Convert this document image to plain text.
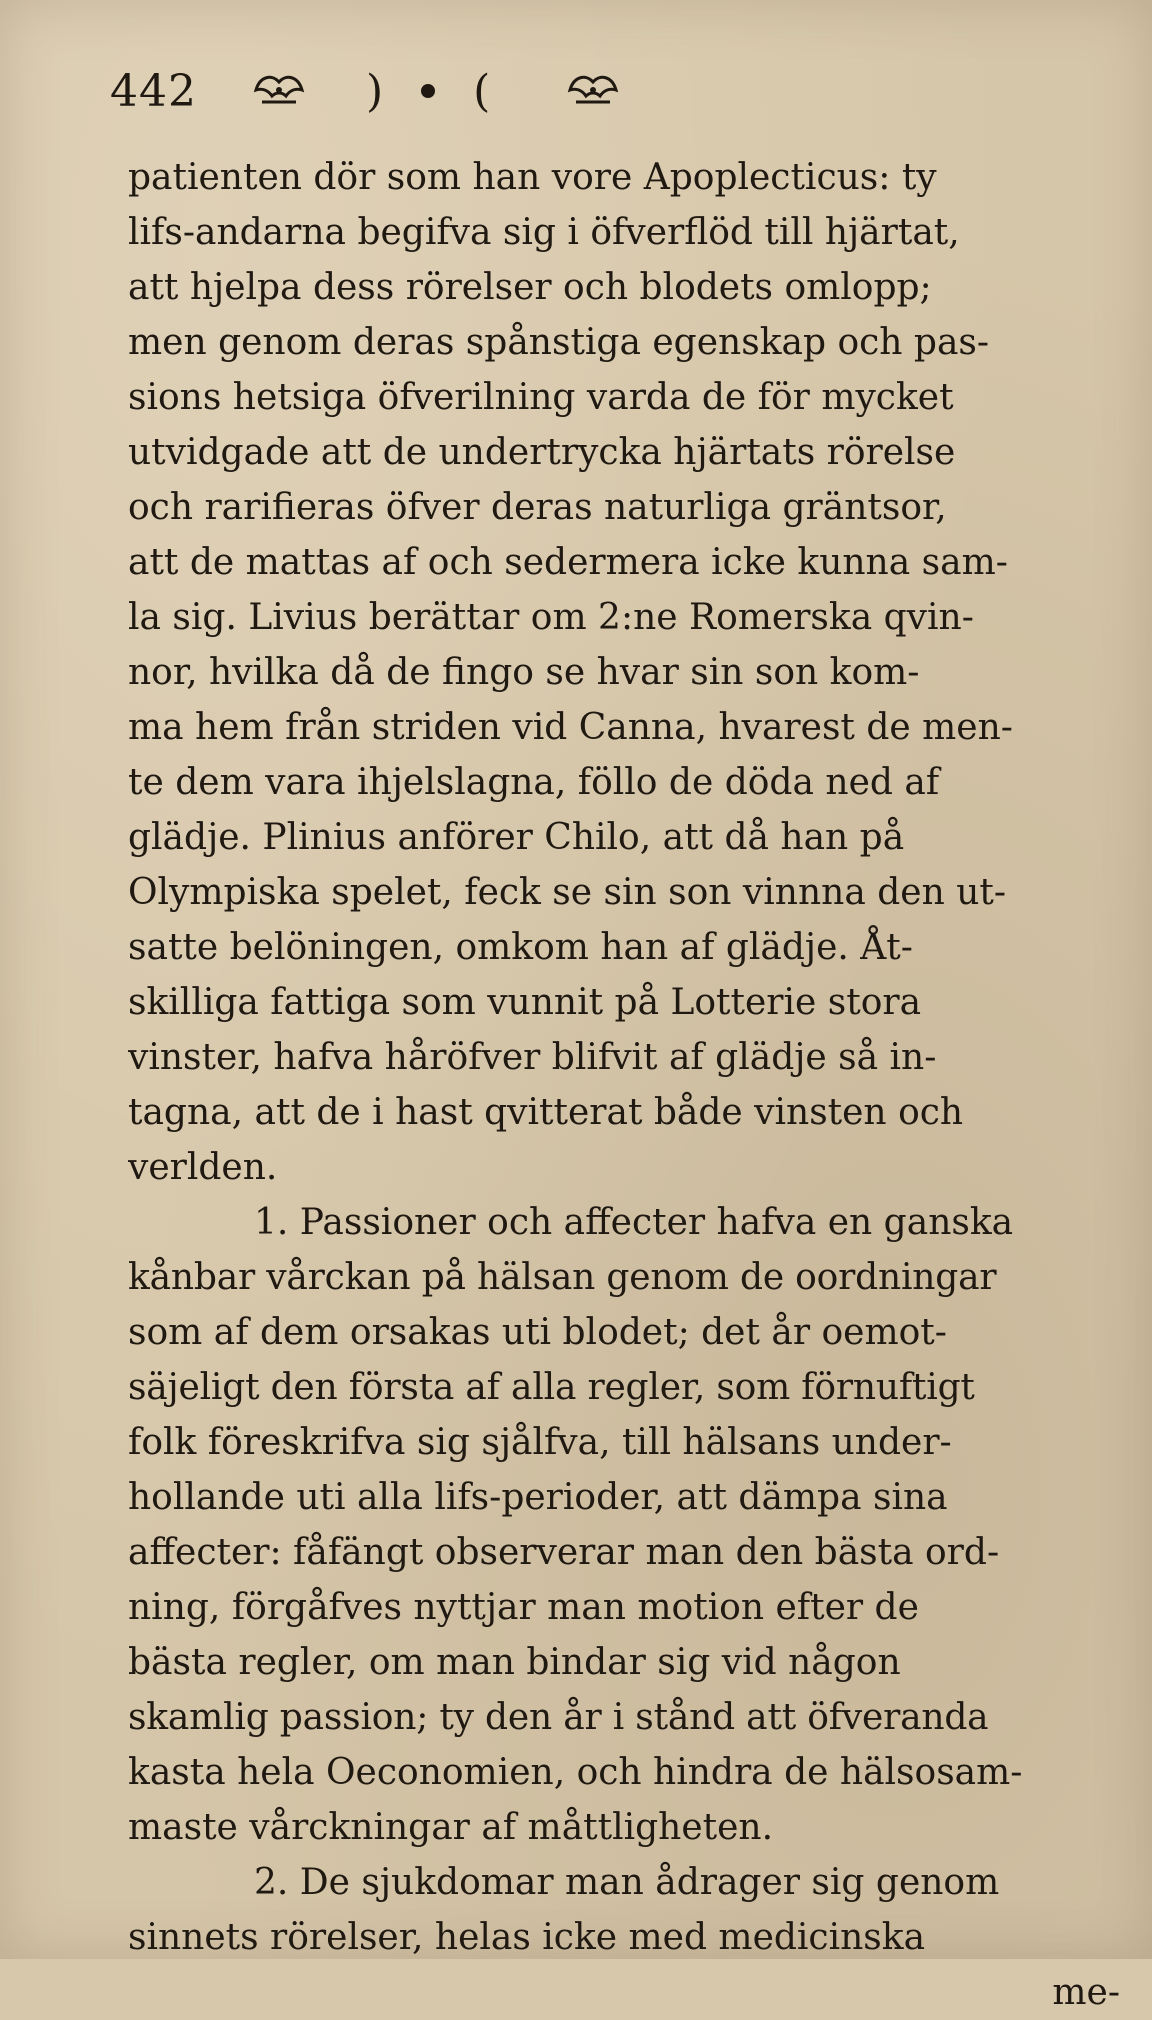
442	) (
patienten dör som han vore Apoplecticus: ty
lifs-andarna begifva sig i öfverflöd till hjärtat,
att hjelpa dess rörelser och blodets omlopp;
men genom deras spånstiga egenskap och pas-
sions hetsiga öfverilning varda de för mycket
utvidgade att de undertrycka hjärtats rörelse
och rarifieras öfver deras naturliga gräntsor,
att de mattas af och sedermera icke kunna sam-
la sig. Livius berättar om 2:ne Romerska qvin-
nor, hvilka då de fingo se hvar sin son kom-
ma hem från striden vid Canna, hvarest de men-
te dem vara ihjelslagna, föllo de döda ned af
glädje. Plinius anförer Chilo, att då han på
Olympiska spelet, feck se sin son vinnna den ut-
satte belöningen, omkom han af glädje. Åt-
skilliga fattiga som vunnit på Lotterie stora
vinster, hafva håröfver blifvit af glädje så in-
tagna, att de i hast qvitterat både vinsten och
verlden.
1. Passioner och affecter hafva en ganska
kånbar vårckan på hälsan genom de oordningar
som af dem orsakas uti blodet; det år oemot-
säjeligt den första af alla regler, som förnuftigt
folk föreskrifva sig sjålfva, till hälsans under-
hollande uti alla lifs-perioder, att dämpa sina
affecter: fåfängt observerar man den bästa ord-
ning, förgåfves nyttjar man motion efter de
bästa regler, om man bindar sig vid någon
skamlig passion; ty den år i stånd att öfveranda
kasta hela Oeconomien, och hindra de hälsosam-
maste vårckningar af måttligheten.
2. De sjukdomar man ådrager sig genom
sinnets rörelser, helas icke med medicinska
me-
